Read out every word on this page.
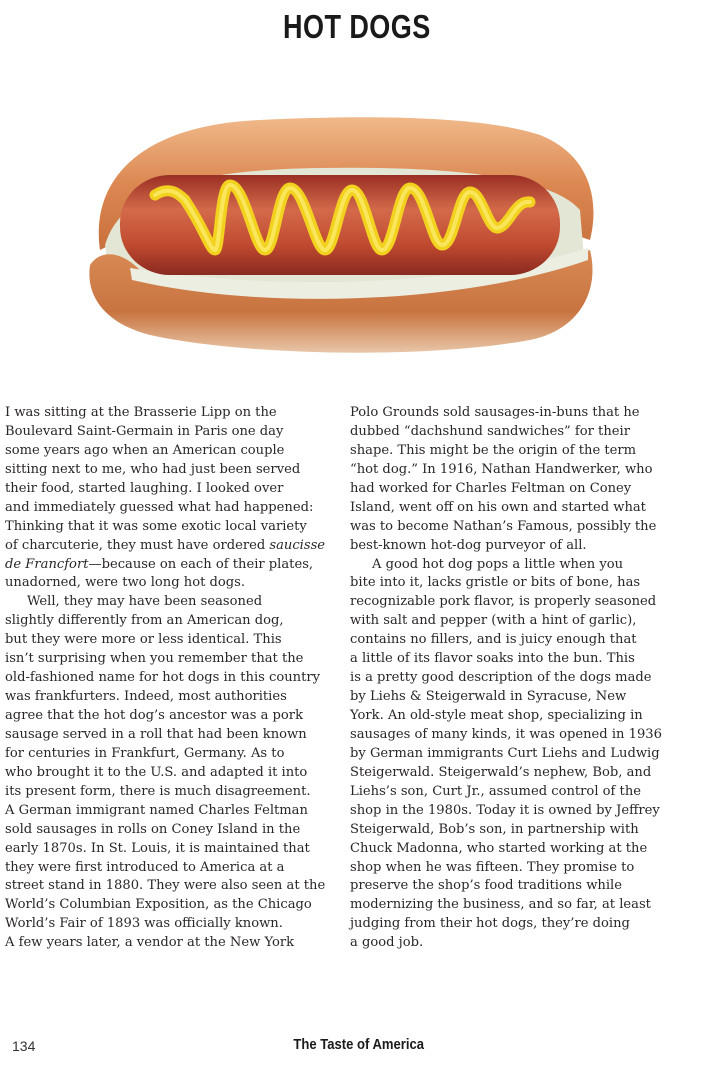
HOT DOGS
I was sitting at the Brasserie Lipp on the
Boulevard Saint-Germain in Paris one day
some years ago when an American couple
sitting next to me, who had just been served
their food, started laughing. I looked over
and immediately guessed what had happened:
Thinking that it was some exotic local variety
of charcuterie, they must have ordered saucisse
de Francfort—because on each of their plates,
unadorned, were two long hot dogs.
Well, they may have been seasoned
slightly differently from an American dog,
but they were more or less identical. This
isn’t surprising when you remember that the
old-fashioned name for hot dogs in this country
was frankfurters. Indeed, most authorities
agree that the hot dog’s ancestor was a pork
sausage served in a roll that had been known
for centuries in Frankfurt, Germany. As to
who brought it to the U.S. and adapted it into
its present form, there is much disagreement.
A German immigrant named Charles Feltman
sold sausages in rolls on Coney Island in the
early 1870s. In St. Louis, it is maintained that
they were first introduced to America at a
street stand in 1880. They were also seen at the
World’s Columbian Exposition, as the Chicago
World’s Fair of 1893 was officially known.
A few years later, a vendor at the New York
Polo Grounds sold sausages-in-buns that he
dubbed “dachshund sandwiches” for their
shape. This might be the origin of the term
“hot dog.” In 1916, Nathan Handwerker, who
had worked for Charles Feltman on Coney
Island, went off on his own and started what
was to become Nathan’s Famous, possibly the
best-known hot-dog purveyor of all.
A good hot dog pops a little when you
bite into it, lacks gristle or bits of bone, has
recognizable pork flavor, is properly seasoned
with salt and pepper (with a hint of garlic),
contains no fillers, and is juicy enough that
a little of its flavor soaks into the bun. This
is a pretty good description of the dogs made
by Liehs & Steigerwald in Syracuse, New
York. An old-style meat shop, specializing in
sausages of many kinds, it was opened in 1936
by German immigrants Curt Liehs and Ludwig
Steigerwald. Steigerwald’s nephew, Bob, and
Liehs’s son, Curt Jr., assumed control of the
shop in the 1980s. Today it is owned by Jeffrey
Steigerwald, Bob’s son, in partnership with
Chuck Madonna, who started working at the
shop when he was fifteen. They promise to
preserve the shop’s food traditions while
modernizing the business, and so far, at least
judging from their hot dogs, they’re doing
a good job.
134	The Taste of America
